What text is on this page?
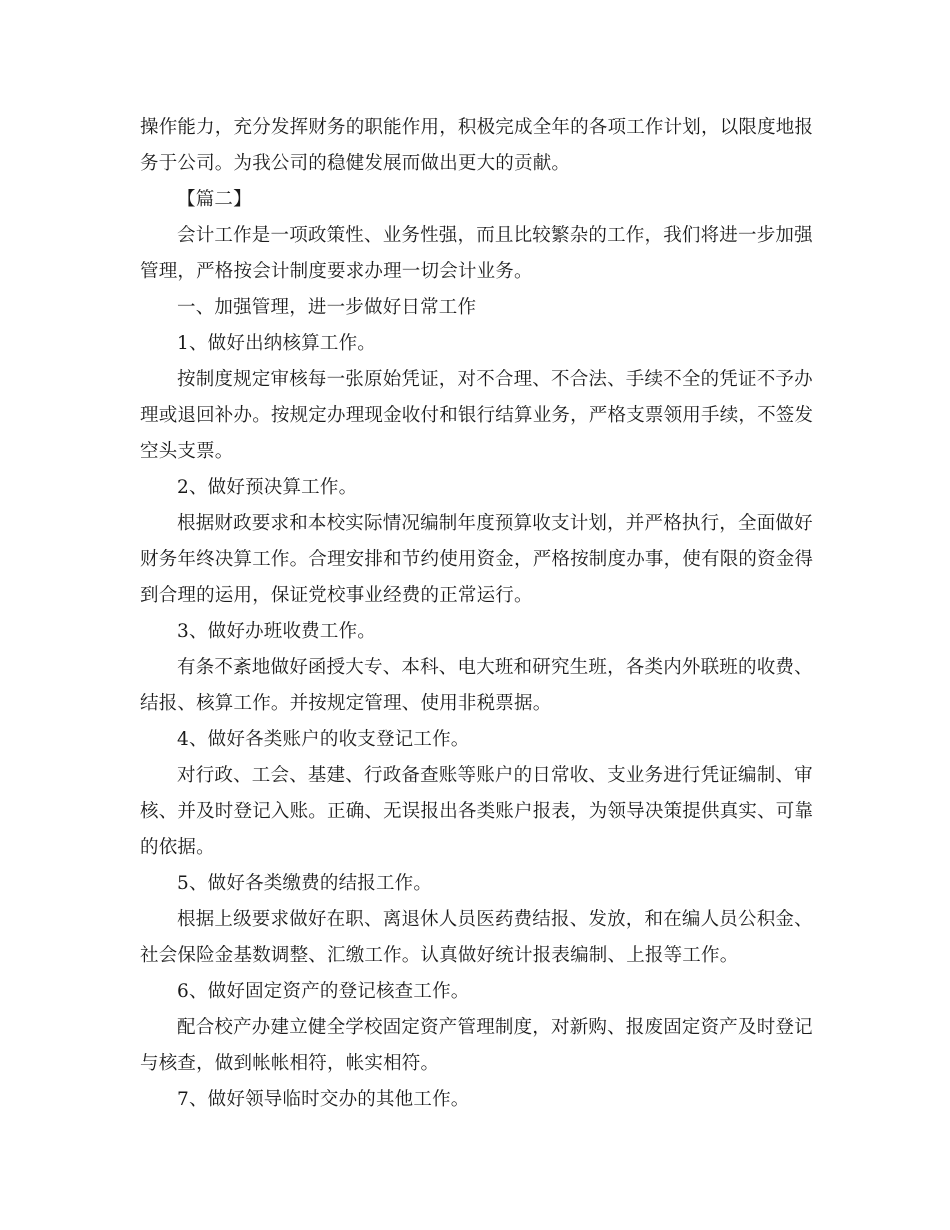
操作能力，充分发挥财务的职能作用，积极完成全年的各项工作计划，以限度地报
务于公司。为我公司的稳健发展而做出更大的贡献。
【篇二】
会计工作是一项政策性、业务性强，而且比较繁杂的工作，我们将进一步加强
管理，严格按会计制度要求办理一切会计业务。
一、加强管理，进一步做好日常工作
1、做好出纳核算工作。
按制度规定审核每一张原始凭证，对不合理、不合法、手续不全的凭证不予办
理或退回补办。按规定办理现金收付和银行结算业务，严格支票领用手续，不签发
空头支票。
2、做好预决算工作。
根据财政要求和本校实际情况编制年度预算收支计划，并严格执行，全面做好
财务年终决算工作。合理安排和节约使用资金，严格按制度办事，使有限的资金得
到合理的运用，保证党校事业经费的正常运行。
3、做好办班收费工作。
有条不紊地做好函授大专、本科、电大班和研究生班，各类内外联班的收费、
结报、核算工作。并按规定管理、使用非税票据。
4、做好各类账户的收支登记工作。
对行政、工会、基建、行政备查账等账户的日常收、支业务进行凭证编制、审
核、并及时登记入账。正确、无误报出各类账户报表，为领导决策提供真实、可靠
的依据。
5、做好各类缴费的结报工作。
根据上级要求做好在职、离退休人员医药费结报、发放，和在编人员公积金、
社会保险金基数调整、汇缴工作。认真做好统计报表编制、上报等工作。
6、做好固定资产的登记核查工作。
配合校产办建立健全学校固定资产管理制度，对新购、报废固定资产及时登记
与核查，做到帐帐相符，帐实相符。
7、做好领导临时交办的其他工作。
